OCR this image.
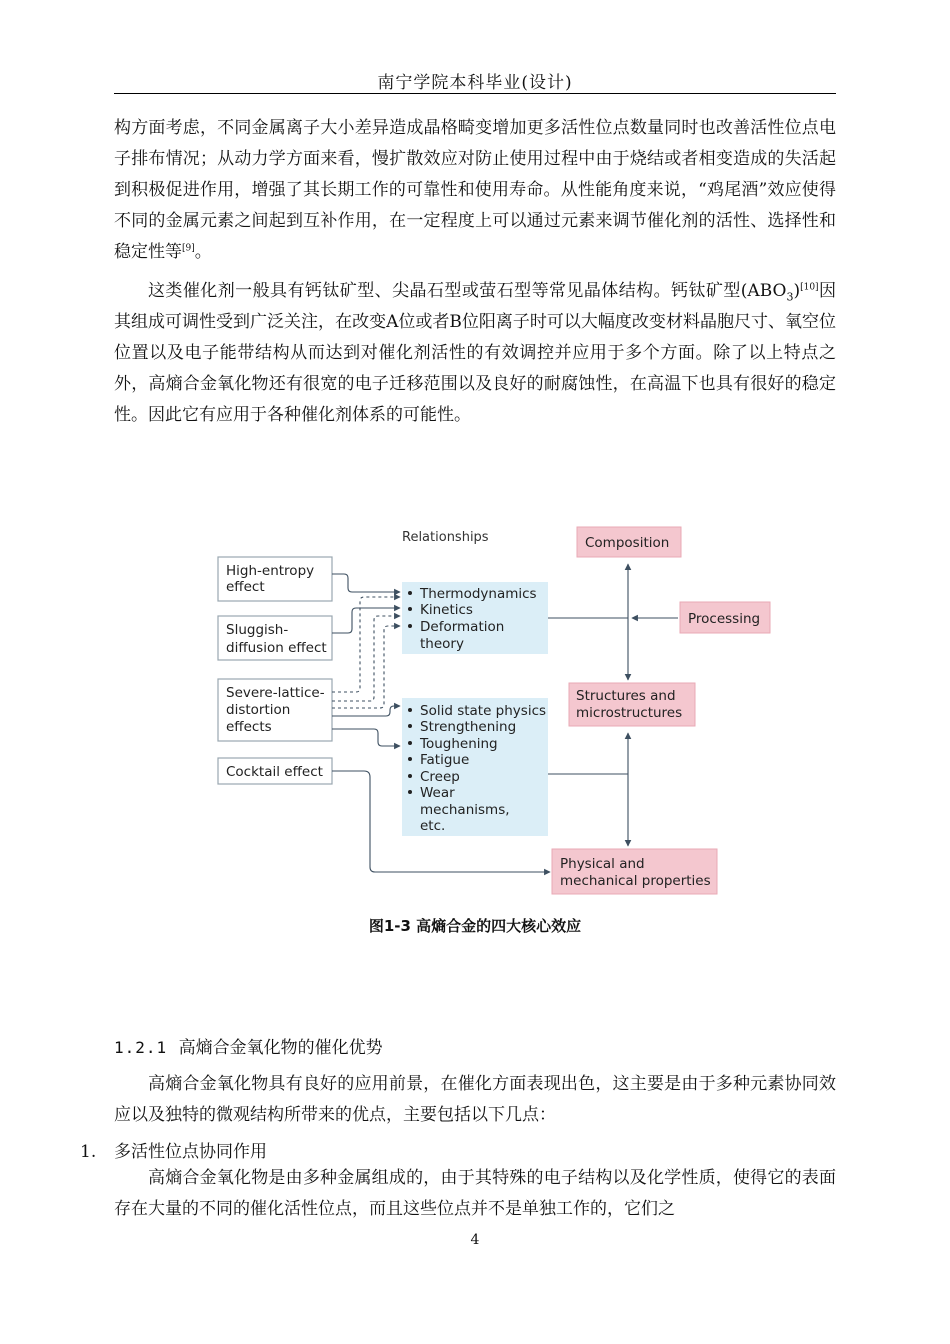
南宁学院本科毕业(设计)

构方面考虑，不同金属离子大小差异造成晶格畸变增加更多活性位点数量同时也改善活性位点电子排布情况；从动力学方面来看，慢扩散效应对防止使用过程中由于烧结或者相变造成的失活起到积极促进作用，增强了其长期工作的可靠性和使用寿命。从性能角度来说，“鸡尾酒”效应使得不同的金属元素之间起到互补作用，在一定程度上可以通过元素来调节催化剂的活性、选择性和稳定性等[9]。

这类催化剂一般具有钙钛矿型、尖晶石型或萤石型等常见晶体结构。钙钛矿型$(ABO_3)[10]$因其组成可调性受到广泛关注，在改变A位或者B位阳离子时可以大幅度改变材料晶胞尺寸、氧空位位置以及电子能带结构从而达到对催化剂活性的有效调控并应用于多个方面。除了以上特点之外，高熵合金氧化物还有很宽的电子迁移范围以及良好的耐腐蚀性，在高温下也具有很好的稳定性。因此它有应用于各种催化剂体系的可能性。

Relationships
High-entropy
effect
Sluggish-
diffusion effect
Severe-lattice-
distortion
effects
Cocktail effect
Thermodynamics
Kinetics
Deformation
theory
Solid state physics
Strengthening
Toughening
Fatigue
Creep
Wear
mechanisms,
etc.
Composition
Processing
Structures and
microstructures
Physical and
mechanical properties
图1-3 高熵合金的四大核心效应
1.2.1 高熵合金氧化物的催化优势

高熵合金氧化物具有良好的应用前景，在催化方面表现出色，这主要是由于多种元素协同效应以及独特的微观结构所带来的优点，主要包括以下几点：

1. 多活性位点协同作用

高熵合金氧化物是由多种金属组成的，由于其特殊的电子结构以及化学性质，使得它的表面存在大量的不同的催化活性位点，而且这些位点并不是单独工作的，它们之

4
